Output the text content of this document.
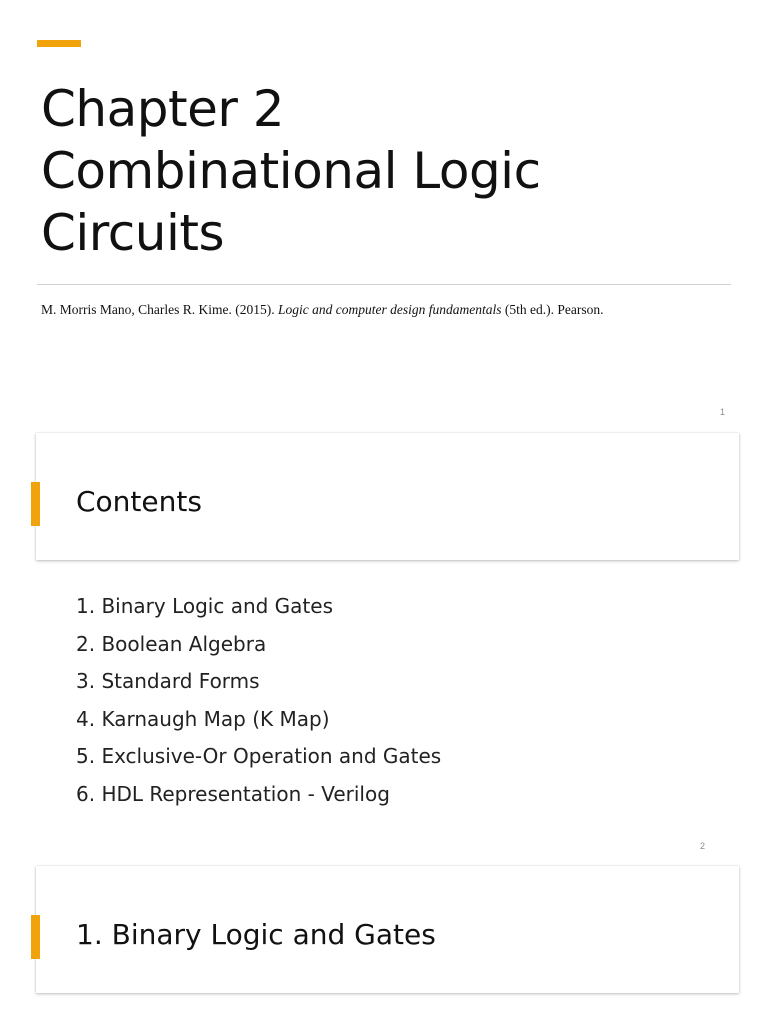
Chapter 2
Combinational Logic
Circuits
M. Morris Mano, Charles R. Kime. (2015). Logic and computer design fundamentals (5th ed.). Pearson.
1
Contents
1. Binary Logic and Gates
2. Boolean Algebra
3. Standard Forms
4. Karnaugh Map (K Map)
5. Exclusive-Or Operation and Gates
6. HDL Representation - Verilog
2
1. Binary Logic and Gates
